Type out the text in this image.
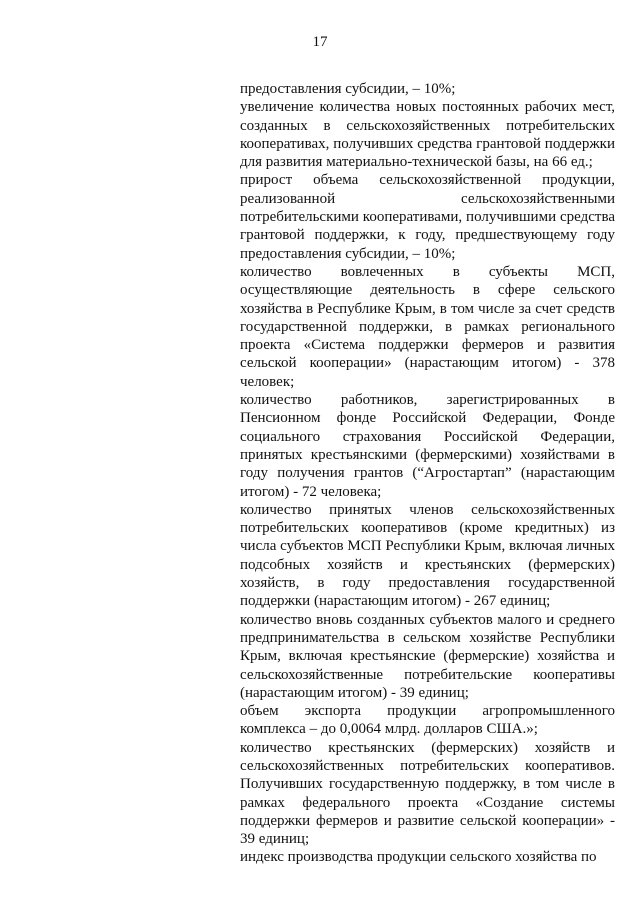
17

предоставления субсидии, – 10%;

увеличение количества новых постоянных рабочих мест, созданных в сельскохозяйственных потребительских кооперативах, получивших средства грантовой поддержки для развития материально-технической базы, на 66 ед.;

прирост объема сельскохозяйственной продукции, реализованной сельскохозяйственными потребительскими кооперативами, получившими средства грантовой поддержки, к году, предшествующему году предоставления субсидии, – 10%;

количество вовлеченных в субъекты МСП, осуществляющие деятельность в сфере сельского хозяйства в Республике Крым, в том числе за счет средств государственной поддержки, в рамках регионального проекта «Система поддержки фермеров и развития сельской кооперации» (нарастающим итогом) - 378 человек;

количество работников, зарегистрированных в Пенсионном фонде Российской Федерации, Фонде социального страхования Российской Федерации, принятых крестьянскими (фермерскими) хозяйствами в году получения грантов (“Агростартап” (нарастающим итогом) - 72 человека;

количество принятых членов сельскохозяйственных потребительских кооперативов (кроме кредитных) из числа субъектов МСП Республики Крым, включая личных подсобных хозяйств и крестьянских (фермерских) хозяйств, в году предоставления государственной поддержки (нарастающим итогом) - 267 единиц;

количество вновь созданных субъектов малого и среднего предпринимательства в сельском хозяйстве Республики Крым, включая крестьянские (фермерские) хозяйства и сельскохозяйственные потребительские кооперативы (нарастающим итогом) - 39 единиц;

объем экспорта продукции агропромышленного комплекса – до 0,0064 млрд. долларов США.»;

количество крестьянских (фермерских) хозяйств и сельскохозяйственных потребительских кооперативов. Получивших государственную поддержку, в том числе в рамках федерального проекта «Создание системы поддержки фермеров и развитие сельской кооперации» - 39 единиц;

индекс производства продукции сельского хозяйства по
